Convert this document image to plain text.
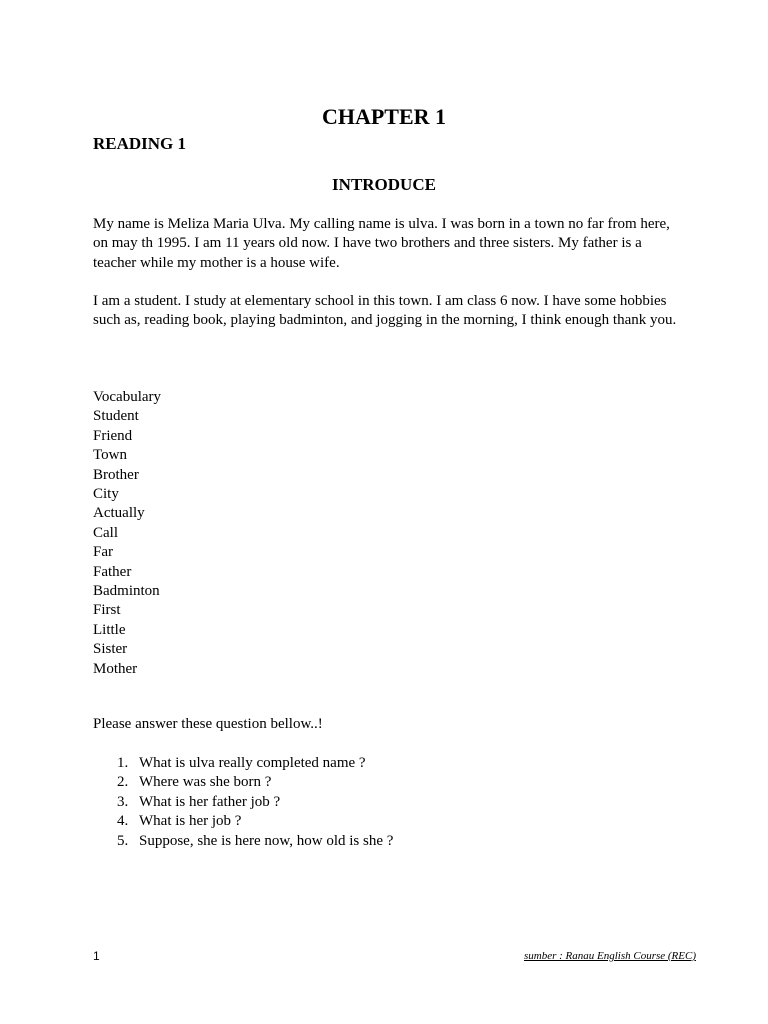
CHAPTER 1
READING 1
INTRODUCE

My name is Meliza Maria Ulva. My calling name is ulva. I was born in a town no far from here, on may th 1995. I am 11 years old now. I have two brothers and three sisters. My father is a teacher while my mother is a house wife.

I am a student. I study at elementary school in this town. I am class 6 now. I have some hobbies such as, reading book, playing badminton, and jogging in the morning, I think enough thank you.

Vocabulary
Student
Friend
Town
Brother
City
Actually
Call
Far
Father
Badminton
First
Little
Sister
Mother

Please answer these question bellow..!

1. What is ulva really completed name ?
2. Where was she born ?
3. What is her father job ?
4. What is her job ?
5. Suppose, she is here now, how old is she ?
1	sumber : Ranau English Course (REC)
